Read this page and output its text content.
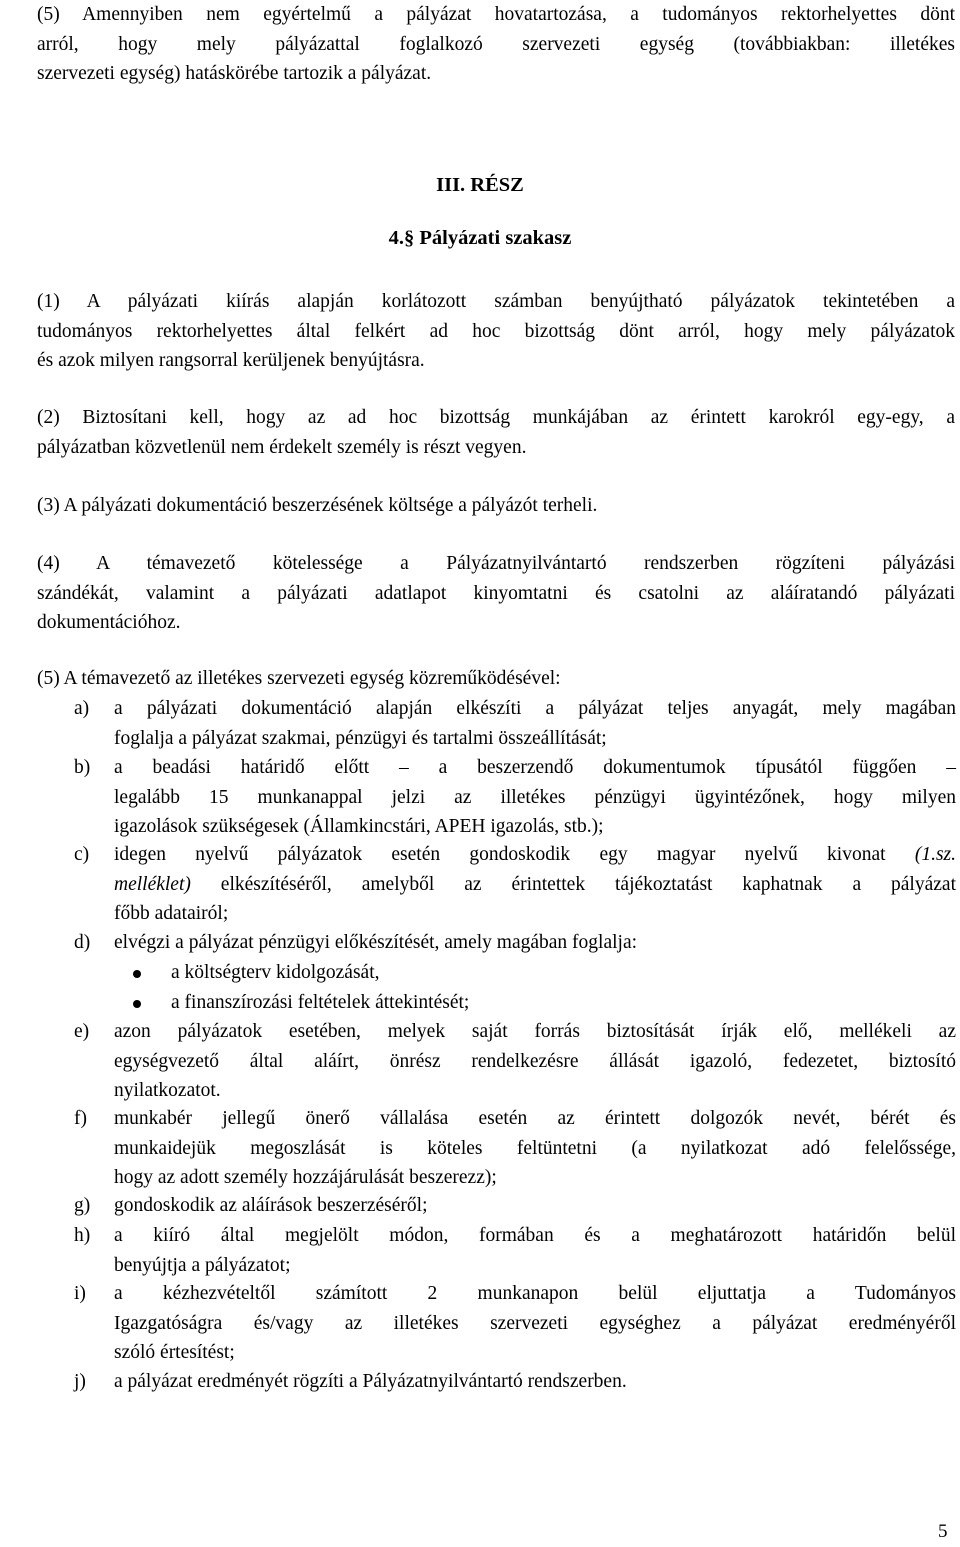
(5) Amennyiben nem egyértelmű a pályázat hovatartozása, a tudományos rektorhelyettes dönt

arról, hogy mely pályázattal foglalkozó szervezeti egység (továbbiakban: illetékes

szervezeti egység) hatáskörébe tartozik a pályázat.

III. RÉSZ
4.§ Pályázati szakasz

(1) A pályázati kiírás alapján korlátozott számban benyújtható pályázatok tekintetében a

tudományos rektorhelyettes által felkért ad hoc bizottság dönt arról, hogy mely pályázatok

és azok milyen rangsorral kerüljenek benyújtásra.

(2) Biztosítani kell, hogy az ad hoc bizottság munkájában az érintett karokról egy-egy, a

pályázatban közvetlenül nem érdekelt személy is részt vegyen.

(3) A pályázati dokumentáció beszerzésének költsége a pályázót terheli.

(4) A témavezető kötelessége a Pályázatnyilvántartó rendszerben rögzíteni pályázási

szándékát, valamint a pályázati adatlapot kinyomtatni és csatolni az aláíratandó pályázati

dokumentációhoz.

(5) A témavezető az illetékes szervezeti egység közreműködésével:

a) a pályázati dokumentáció alapján elkészíti a pályázat teljes anyagát, mely magában

foglalja a pályázat szakmai, pénzügyi és tartalmi összeállítását;

b) a beadási határidő előtt – a beszerzendő dokumentumok típusától függően –

legalább 15 munkanappal jelzi az illetékes pénzügyi ügyintézőnek, hogy milyen

igazolások szükségesek (Államkincstári, APEH igazolás, stb.);

c) idegen nyelvű pályázatok esetén gondoskodik egy magyar nyelvű kivonat (1.sz.

melléklet) elkészítéséről, amelyből az érintettek tájékoztatást kaphatnak a pályázat

főbb adatairól;

d) elvégzi a pályázat pénzügyi előkészítését, amely magában foglalja:

a költségterv kidolgozását,
a finanszírozási feltételek áttekintését;
e) azon pályázatok esetében, melyek saját forrás biztosítását írják elő, mellékeli az

egységvezető által aláírt, önrész rendelkezésre állását igazoló, fedezetet, biztosító

nyilatkozatot.

f) munkabér jellegű önerő vállalása esetén az érintett dolgozók nevét, bérét és

munkaidejük megoszlását is köteles feltüntetni (a nyilatkozat adó felelőssége,

hogy az adott személy hozzájárulását beszerezz);

g) gondoskodik az aláírások beszerzéséről;

h) a kiíró által megjelölt módon, formában és a meghatározott határidőn belül

benyújtja a pályázatot;

i) a kézhezvételtől számított 2 munkanapon belül eljuttatja a Tudományos

Igazgatóságra és/vagy az illetékes szervezeti egységhez a pályázat eredményéről

szóló értesítést;

j) a pályázat eredményét rögzíti a Pályázatnyilvántartó rendszerben.

5
